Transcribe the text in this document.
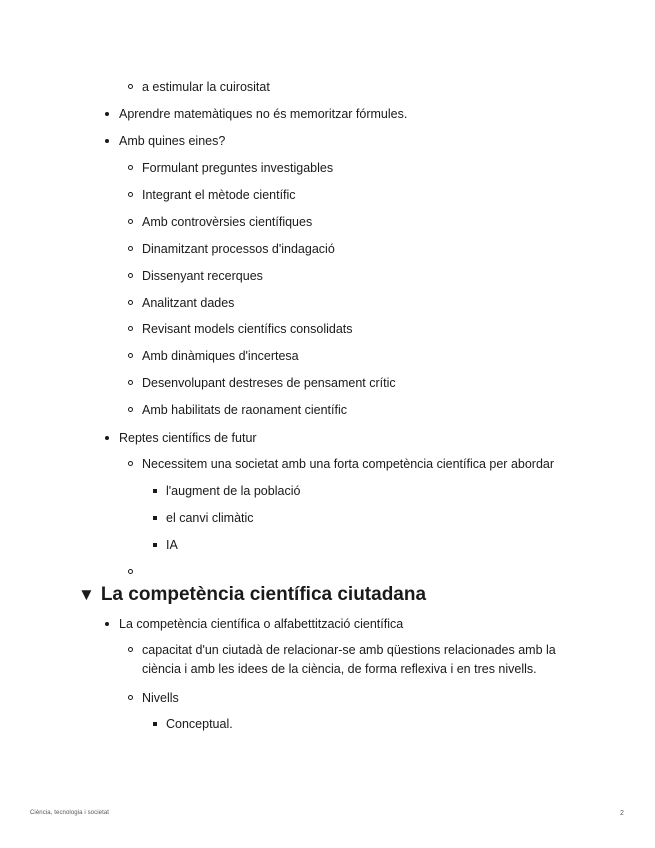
a estimular la cuirositat
Aprendre matemàtiques no és memoritzar fórmules.
Amb quines eines?
Formulant preguntes investigables
Integrant el mètode científic
Amb controvèrsies científiques
Dinamitzant processos d'indagació
Dissenyant recerques
Analitzant dades
Revisant models científics consolidats
Amb dinàmiques d'incertesa
Desenvolupant destreses de pensament crític
Amb habilitats de raonament científic
Reptes científics de futur
Necessitem una societat amb una forta competència científica per abordar
l'augment de la població
el canvi climàtic
IA
▼ La competència científica ciutadana
La competència científica o alfabettització científica
capacitat d'un ciutadà de relacionar-se amb qüestions relacionades amb la ciència i amb les idees de la ciència, de forma reflexiva i en tres nivells.
Nivells
Conceptual.
Ciència, tecnologia i societat	2
